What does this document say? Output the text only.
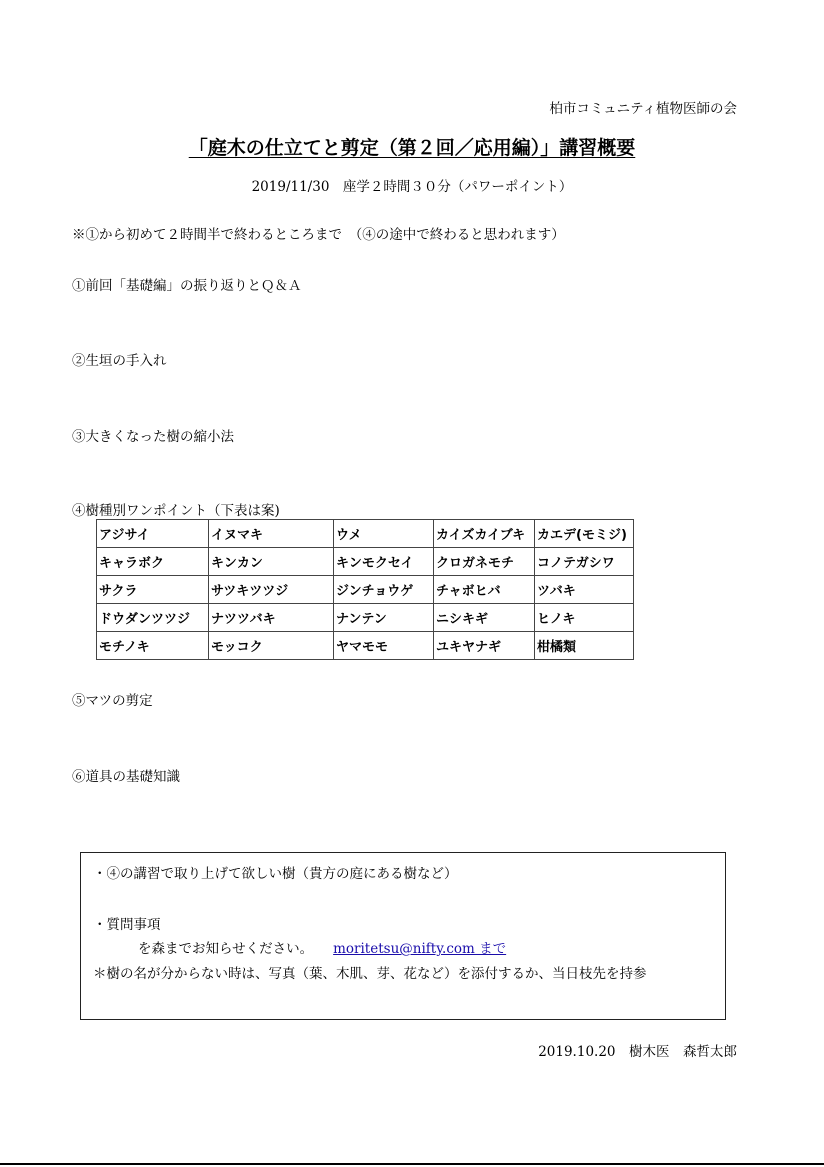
柏市コミュニティ植物医師の会
「庭木の仕立てと剪定（第２回／応用編）」講習概要
2019/11/30　座学２時間３０分（パワーポイント）
※①から初めて２時間半で終わるところまで　（④の途中で終わると思われます）
①前回「基礎編」の振り返りとＱ＆Ａ
②生垣の手入れ
③大きくなった樹の縮小法
④樹種別ワンポイント（下表は案)
アジサイ	イヌマキ	ウメ	カイズカイブキ	カエデ(モミジ)
キャラボク	キンカン	キンモクセイ	クロガネモチ	コノテガシワ
サクラ	サツキツツジ	ジンチョウゲ	チャボヒバ	ツバキ
ドウダンツツジ	ナツツバキ	ナンテン	ニシキギ	ヒノキ
モチノキ	モッコク	ヤマモモ	ユキヤナギ	柑橘類
⑤マツの剪定
⑥道具の基礎知識
・④の講習で取り上げて欲しい樹（貴方の庭にある樹など）
・質問事項
を森までお知らせください。 moritetsu@nifty.com まで
＊樹の名が分からない時は、写真（葉、木肌、芽、花など）を添付するか、当日枝先を持参
2019.10.20　樹木医　森哲太郎
